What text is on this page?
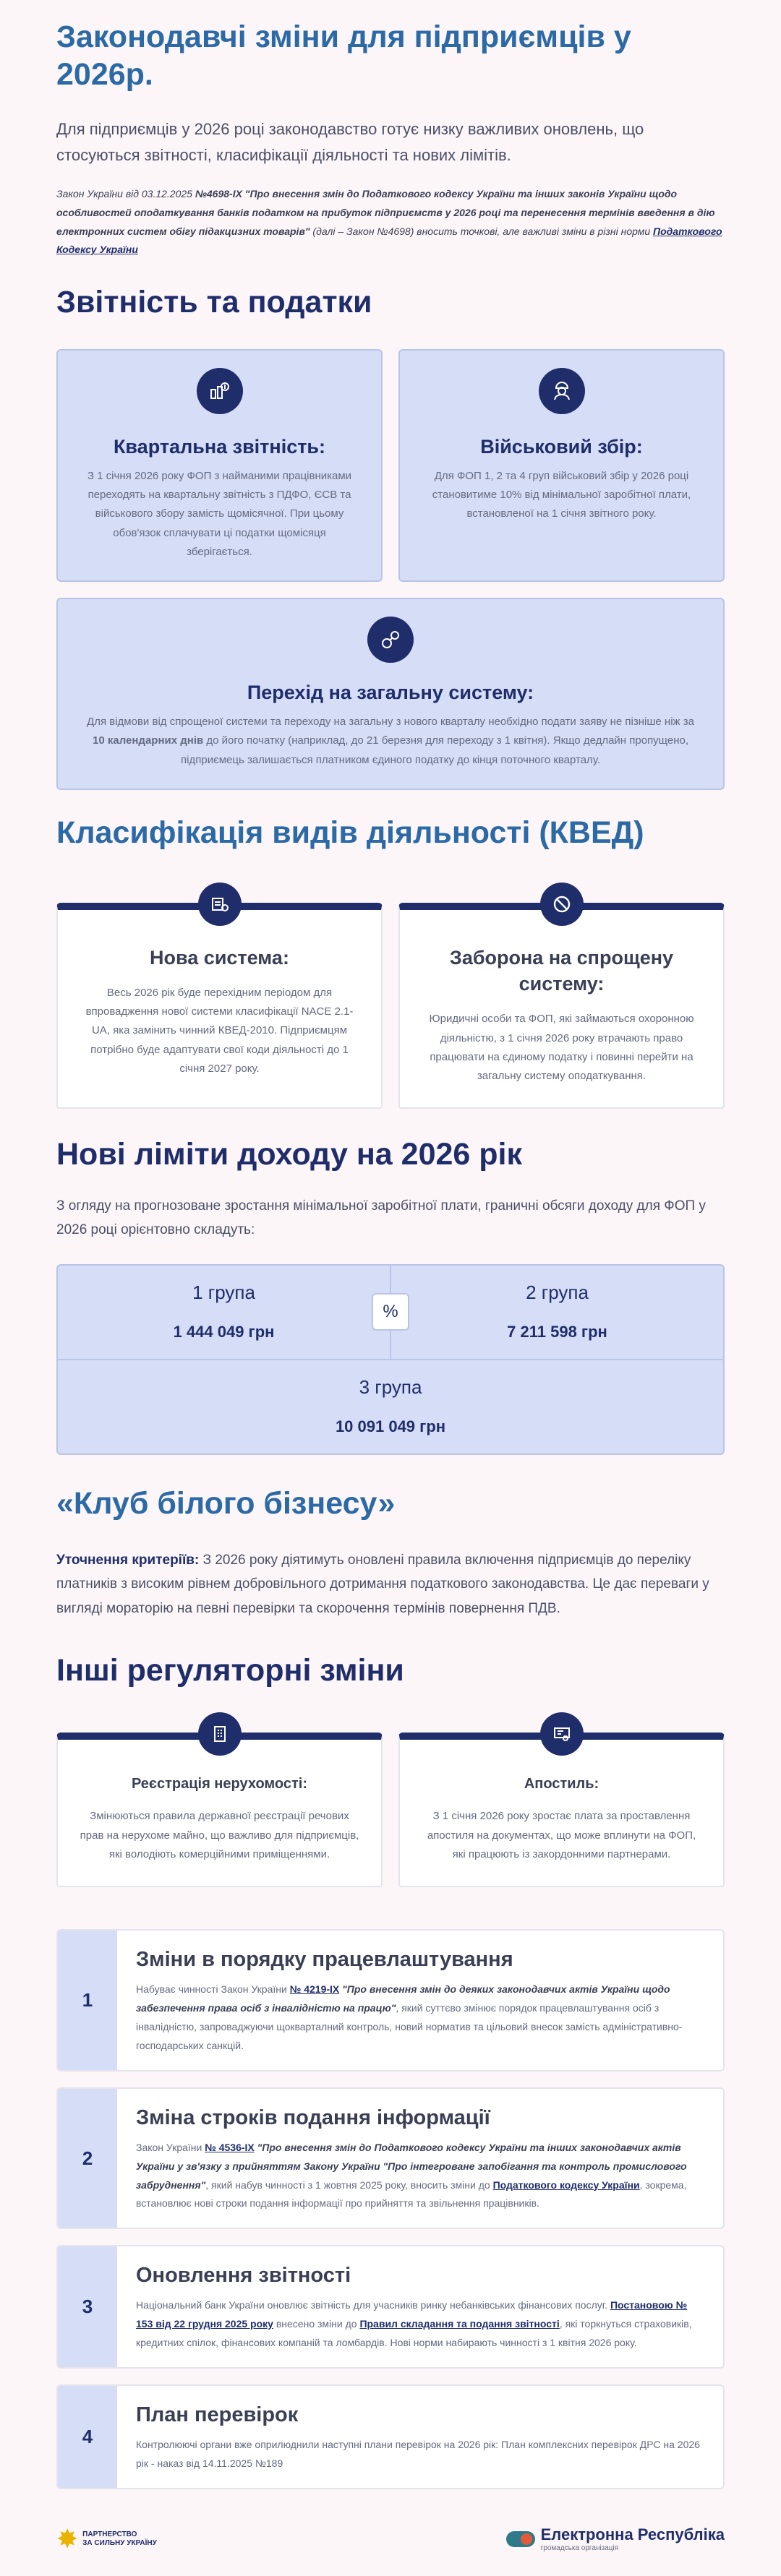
Законодавчі зміни для підприємців у 2026р.

Для підприємців у 2026 році законодавство готує низку важливих оновлень, що стосуються звітності, класифікації діяльності та нових лімітів.

Закон України від 03.12.2025 №4698-ІХ "Про внесення змін до Податкового кодексу України та інших законів України щодо особливостей оподаткування банків податком на прибуток підприємств у 2026 році та перенесення термінів введення в дію електронних систем обігу підакцизних товарів" (далі – Закон №4698) вносить точкові, але важливі зміни в різні норми Податкового Кодексу України

Звітність та податки
Квартальна звітність:

З 1 січня 2026 року ФОП з найманими працівниками переходять на квартальну звітність з ПДФО, ЄСВ та військового збору замість щомісячної. При цьому обов'язок сплачувати ці податки щомісяця зберігається.

Військовий збір:

Для ФОП 1, 2 та 4 груп військовий збір у 2026 році становитиме 10% від мінімальної заробітної плати, встановленої на 1 січня звітного року.

Перехід на загальну систему:

Для відмови від спрощеної системи та переходу на загальну з нового кварталу необхідно подати заяву не пізніше ніж за 10 календарних днів до його початку (наприклад, до 21 березня для переходу з 1 квітня). Якщо дедлайн пропущено, підприємець залишається платником єдиного податку до кінця поточного кварталу.

Класифікація видів діяльності (КВЕД)
Нова система:

Весь 2026 рік буде перехідним періодом для впровадження нової системи класифікації NACE 2.1-UA, яка замінить чинний КВЕД-2010. Підприємцям потрібно буде адаптувати свої коди діяльності до 1 січня 2027 року.

Заборона на спрощену систему:

Юридичні особи та ФОП, які займаються охоронною діяльністю, з 1 січня 2026 року втрачають право працювати на єдиному податку і повинні перейти на загальну систему оподаткування.

Нові ліміти доходу на 2026 рік

З огляду на прогнозоване зростання мінімальної заробітної плати, граничні обсяги доходу для ФОП у 2026 році орієнтовно складуть:

1 група
1 444 049 грн
2 група
7 211 598 грн
%
3 група
10 091 049 грн
«Клуб білого бізнесу»

Уточнення критеріїв: З 2026 року діятимуть оновлені правила включення підприємців до переліку платників з високим рівнем добровільного дотримання податкового законодавства. Це дає переваги у вигляді мораторію на певні перевірки та скорочення термінів повернення ПДВ.

Інші регуляторні зміни
Реєстрація нерухомості:

Змінюються правила державної реєстрації речових прав на нерухоме майно, що важливо для підприємців, які володіють комерційними приміщеннями.

Апостиль:

З 1 січня 2026 року зростає плата за проставлення апостиля на документах, що може вплинути на ФОП, які працюють із закордонними партнерами.

1
Зміни в порядку працевлаштування

Набуває чинності Закон України № 4219-IX "Про внесення змін до деяких законодавчих актів України щодо забезпечення права осіб з інвалідністю на працю", який суттєво змінює порядок працевлаштування осіб з інвалідністю, запроваджуючи щокварталний контроль, новий норматив та цільовий внесок замість адміністративно-господарських санкцій.

2
Зміна строків подання інформації

Закон України № 4536-IX "Про внесення змін до Податкового кодексу України та інших законодавчих актів України у зв'язку з прийняттям Закону України "Про інтегроване запобігання та контроль промислового забруднення", який набув чинності з 1 жовтня 2025 року, вносить зміни до Податкового кодексу України, зокрема, встановлює нові строки подання інформації про прийняття та звільнення працівників.

3
Оновлення звітності

Національний банк України оновлює звітність для учасників ринку небанківських фінансових послуг. Постановою № 153 від 22 грудня 2025 року внесено зміни до Правил складання та подання звітності, які торкнуться страховиків, кредитних спілок, фінансових компаній та ломбардів. Нові норми набирають чинності з 1 квітня 2026 року.

4
План перевірок

Контролюючі органи вже оприлюднили наступні плани перевірок на 2026 рік: План комплексних перевірок ДРС на 2026 рік - наказ від 14.11.2025 №189

✸ ПАРТНЕРСТВО
ЗА СИЛЬНУ УКРАЇНУ	Електронна Республіка
громадська організація
